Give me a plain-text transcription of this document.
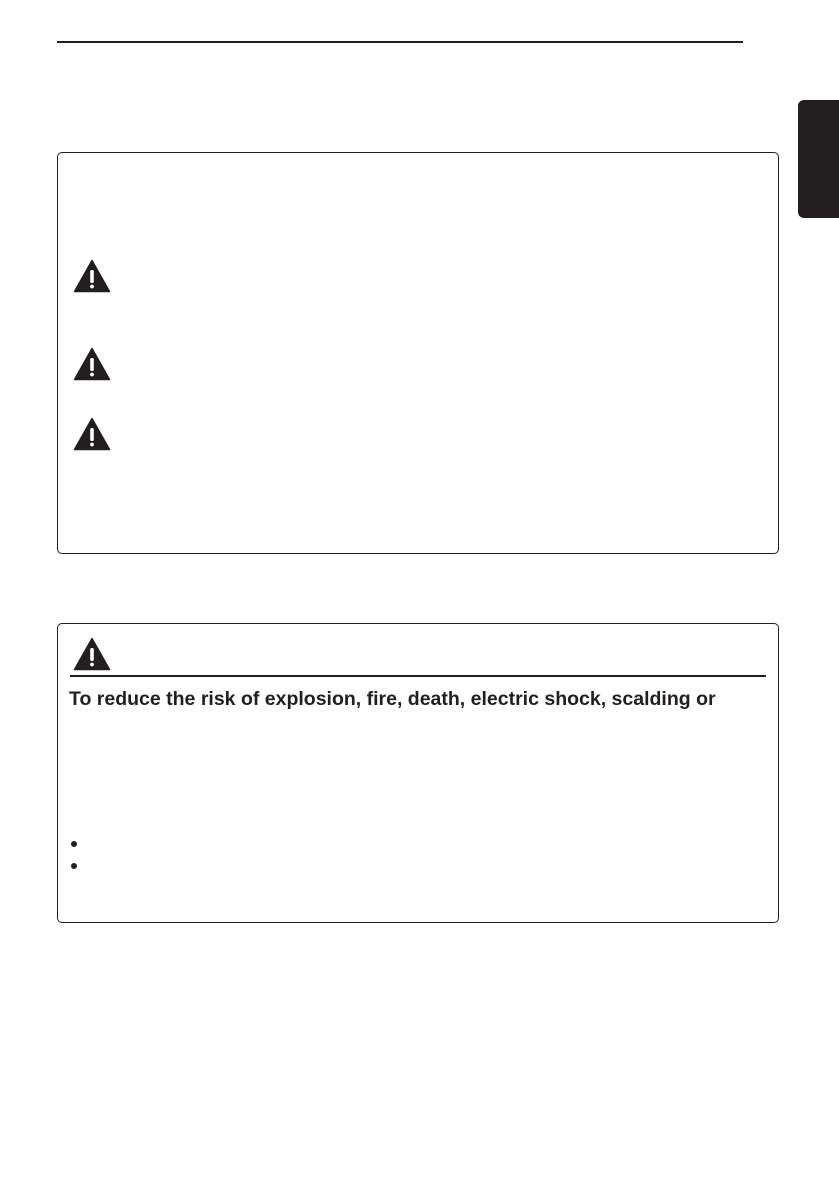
To reduce the risk of explosion, fire, death, electric shock, scalding or
